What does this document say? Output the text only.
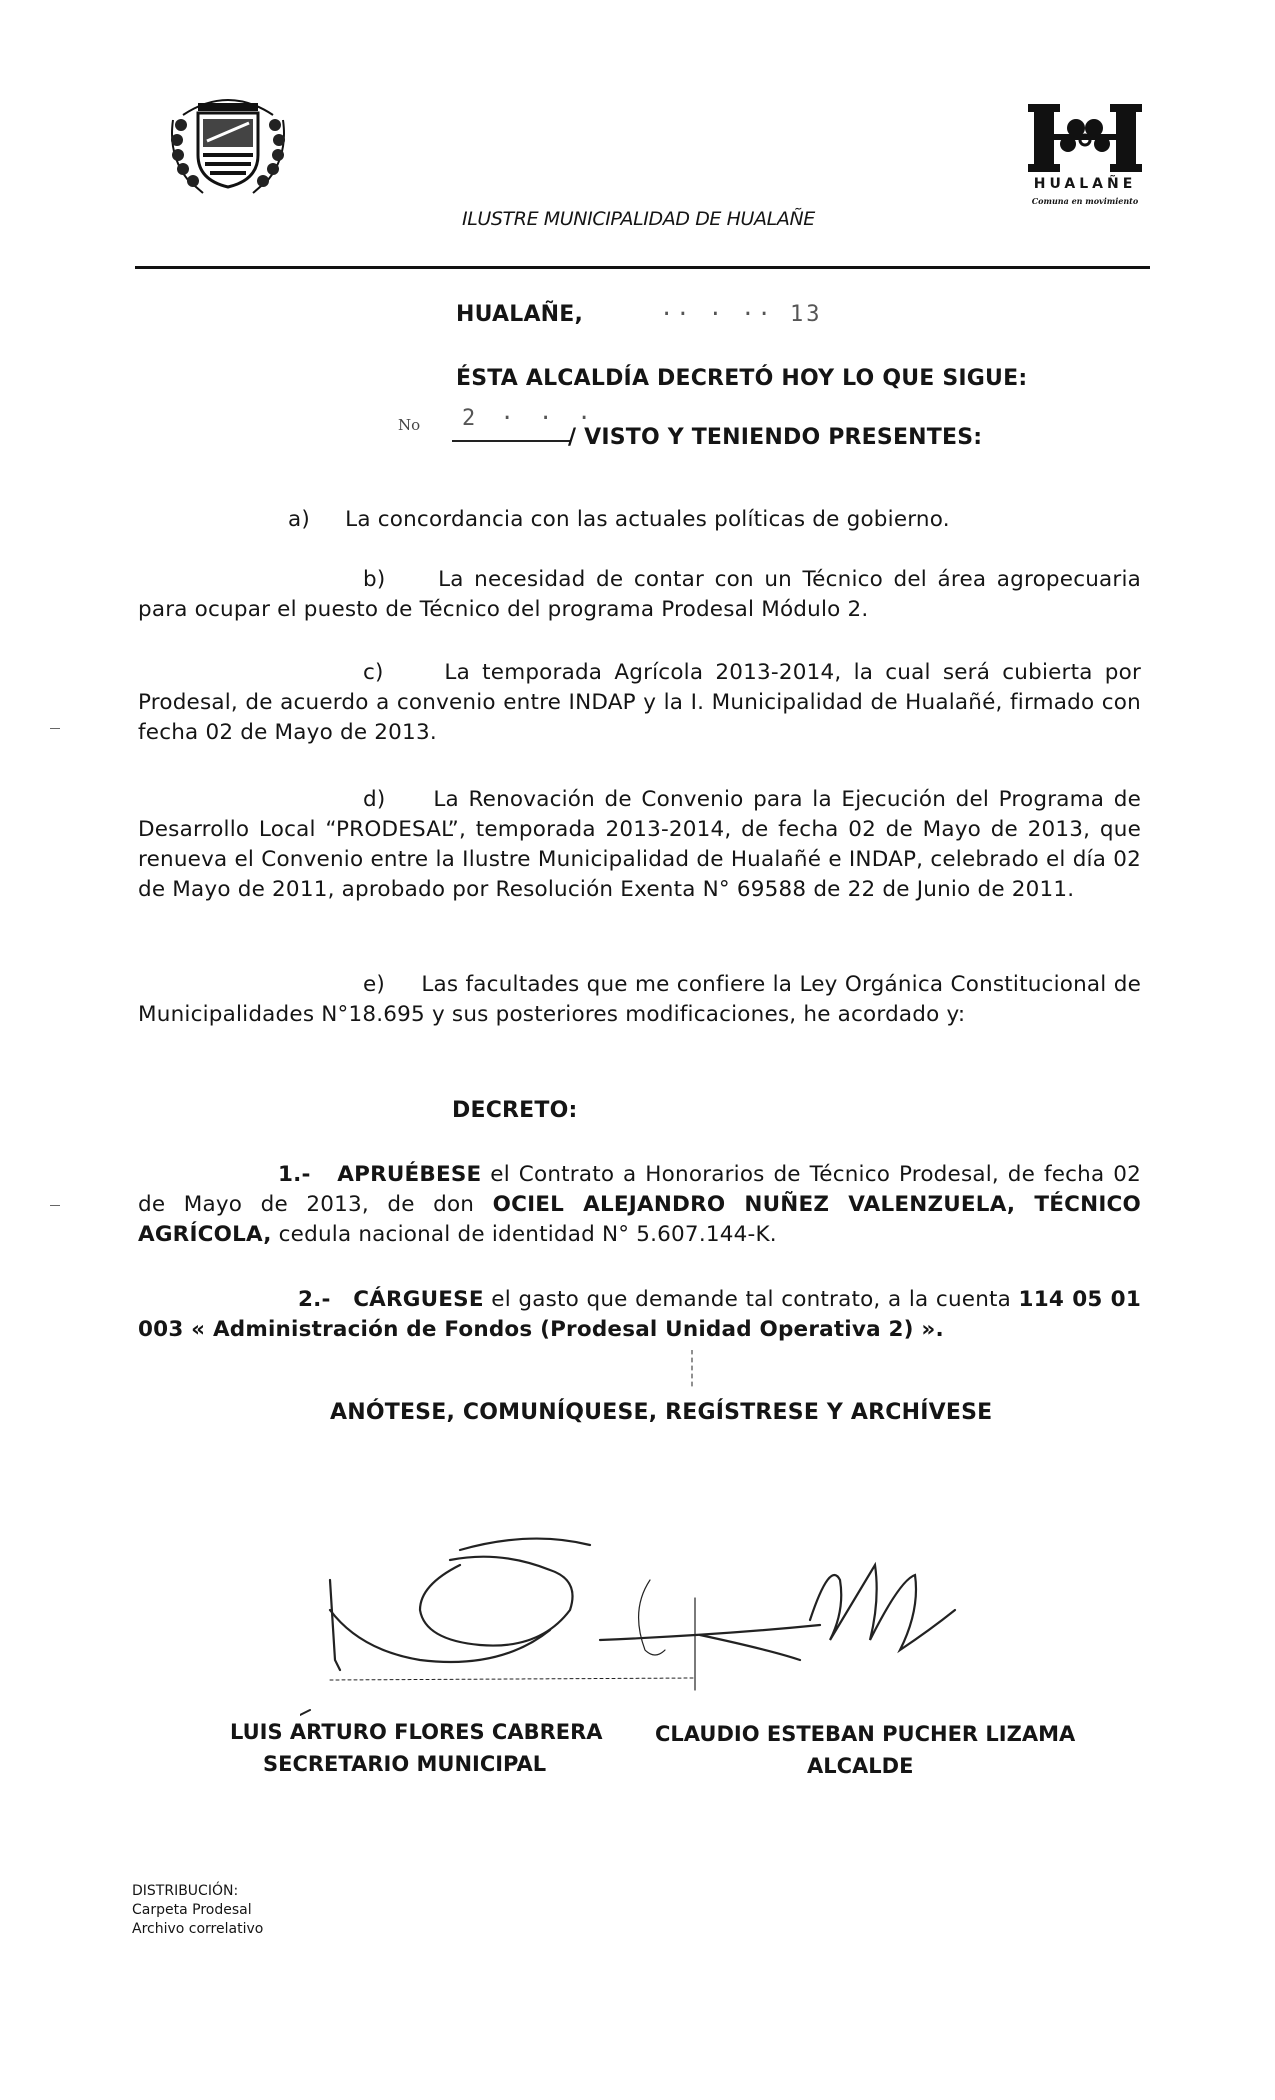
HUALAÑE
Comuna en movimiento
ILUSTRE MUNICIPALIDAD DE HUALAÑE
HUALAÑE,	·· · ·· 13
ÉSTA ALCALDÍA DECRETÓ HOY LO QUE SIGUE:
No 2 · · ·
/ VISTO Y TENIENDO PRESENTES:
a) La concordancia con las actuales políticas de gobierno.
b) La necesidad de contar con un Técnico del área agropecuaria para ocupar el puesto de Técnico del programa Prodesal Módulo 2.
c)	La temporada Agrícola 2013-2014, la cual será cubierta por Prodesal, de acuerdo a convenio entre INDAP y la I. Municipalidad de Hualañé, firmado con fecha 02 de Mayo de 2013.
d) La Renovación de Convenio para la Ejecución del Programa de Desarrollo Local “PRODESAL”, temporada 2013-2014, de fecha 02 de Mayo de 2013, que renueva el Convenio entre la Ilustre Municipalidad de Hualañé e INDAP, celebrado el día 02 de Mayo de 2011, aprobado por Resolución Exenta N° 69588 de 22 de Junio de 2011.
e) Las facultades que me confiere la Ley Orgánica Constitucional de Municipalidades N°18.695 y sus posteriores modificaciones, he acordado y:
DECRETO:
1.- APRUÉBESE el Contrato a Honorarios de Técnico Prodesal, de fecha 02 de Mayo de 2013, de don OCIEL ALEJANDRO NUÑEZ VALENZUELA, TÉCNICO AGRÍCOLA, cedula nacional de identidad N° 5.607.144-K.
2.- CÁRGUESE el gasto que demande tal contrato, a la cuenta 114 05 01 003 « Administración de Fondos (Prodesal Unidad Operativa 2) ».
ANÓTESE, COMUNÍQUESE, REGÍSTRESE Y ARCHÍVESE
LUIS ARTURO FLORES CABRERA
SECRETARIO MUNICIPAL
CLAUDIO ESTEBAN PUCHER LIZAMA
ALCALDE
DISTRIBUCIÓN:
Carpeta Prodesal
Archivo correlativo
